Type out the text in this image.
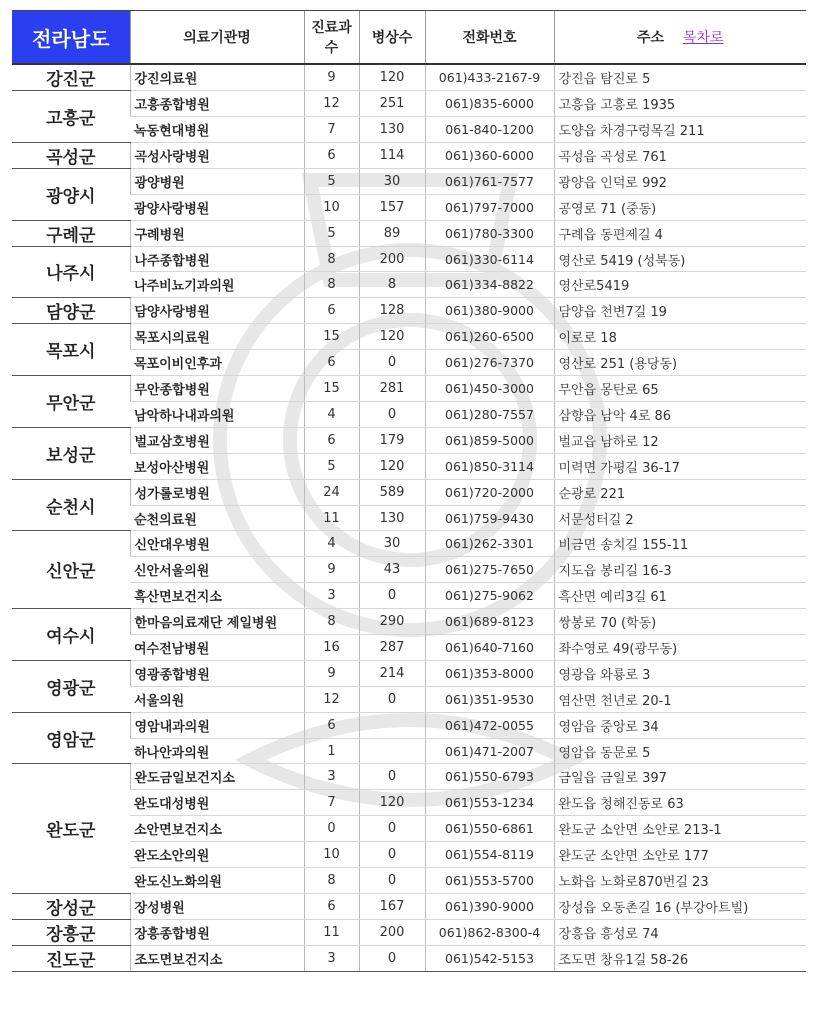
전라남도	의료기관명	진료과수	병상수	전화번호	주소 목차로
강진군	강진의료원	9	120	061)433-2167-9	강진읍 탐진로 5
고흥군	고흥종합병원	12	251	061)835-6000	고흥읍 고흥로 1935
	녹동현대병원	7	130	061-840-1200	도양읍 차경구렁목길 211
곡성군	곡성사랑병원	6	114	061)360-6000	곡성읍 곡성로 761
광양시	광양병원	5	30	061)761-7577	광양읍 인덕로 992
	광양사랑병원	10	157	061)797-7000	공영로 71 (중동)
구례군	구례병원	5	89	061)780-3300	구례읍 동편제길 4
나주시	나주종합병원	8	200	061)330-6114	영산로 5419 (성북동)
	나주비뇨기과의원	8	8	061)334-8822	영산로5419
담양군	담양사랑병원	6	128	061)380-9000	담양읍 천변7길 19
목포시	목포시의료원	15	120	061)260-6500	이로로 18
	목포이비인후과	6	0	061)276-7370	영산로 251 (용당동)
무안군	무안종합병원	15	281	061)450-3000	무안읍 몽탄로 65
	남악하나내과의원	4	0	061)280-7557	삼향읍 남악 4로 86
보성군	벌교삼호병원	6	179	061)859-5000	벌교읍 남하로 12
	보성아산병원	5	120	061)850-3114	미력면 가평길 36-17
순천시	성가롤로병원	24	589	061)720-2000	순광로 221
	순천의료원	11	130	061)759-9430	서문성터길 2
신안군	신안대우병원	4	30	061)262-3301	비금면 송치길 155-11
	신안서울의원	9	43	061)275-7650	지도읍 봉리길 16-3
	흑산면보건지소	3	0	061)275-9062	흑산면 예리3길 61
여수시	한마음의료재단 제일병원	8	290	061)689-8123	쌍봉로 70 (학동)
	여수전남병원	16	287	061)640-7160	좌수영로 49(광무동)
영광군	영광종합병원	9	214	061)353-8000	영광읍 와룡로 3
	서울의원	12	0	061)351-9530	염산면 천년로 20-1
영암군	영암내과의원	6		061)472-0055	영암읍 중앙로 34
	하나안과의원	1		061)471-2007	영암읍 동문로 5
완도군	완도금일보건지소	3	0	061)550-6793	금일읍 금일로 397
	완도대성병원	7	120	061)553-1234	완도읍 청해진동로 63
	소안면보건지소	0	0	061)550-6861	완도군 소안면 소안로 213-1
	완도소안의원	10	0	061)554-8119	완도군 소안면 소안로 177
	완도신노화의원	8	0	061)553-5700	노화읍 노화로870번길 23
장성군	장성병원	6	167	061)390-9000	장성읍 오동촌길 16 (부강아트빌)
장흥군	장흥종합병원	11	200	061)862-8300-4	장흥읍 흥성로 74
진도군	조도면보건지소	3	0	061)542-5153	조도면 창유1길 58-26
